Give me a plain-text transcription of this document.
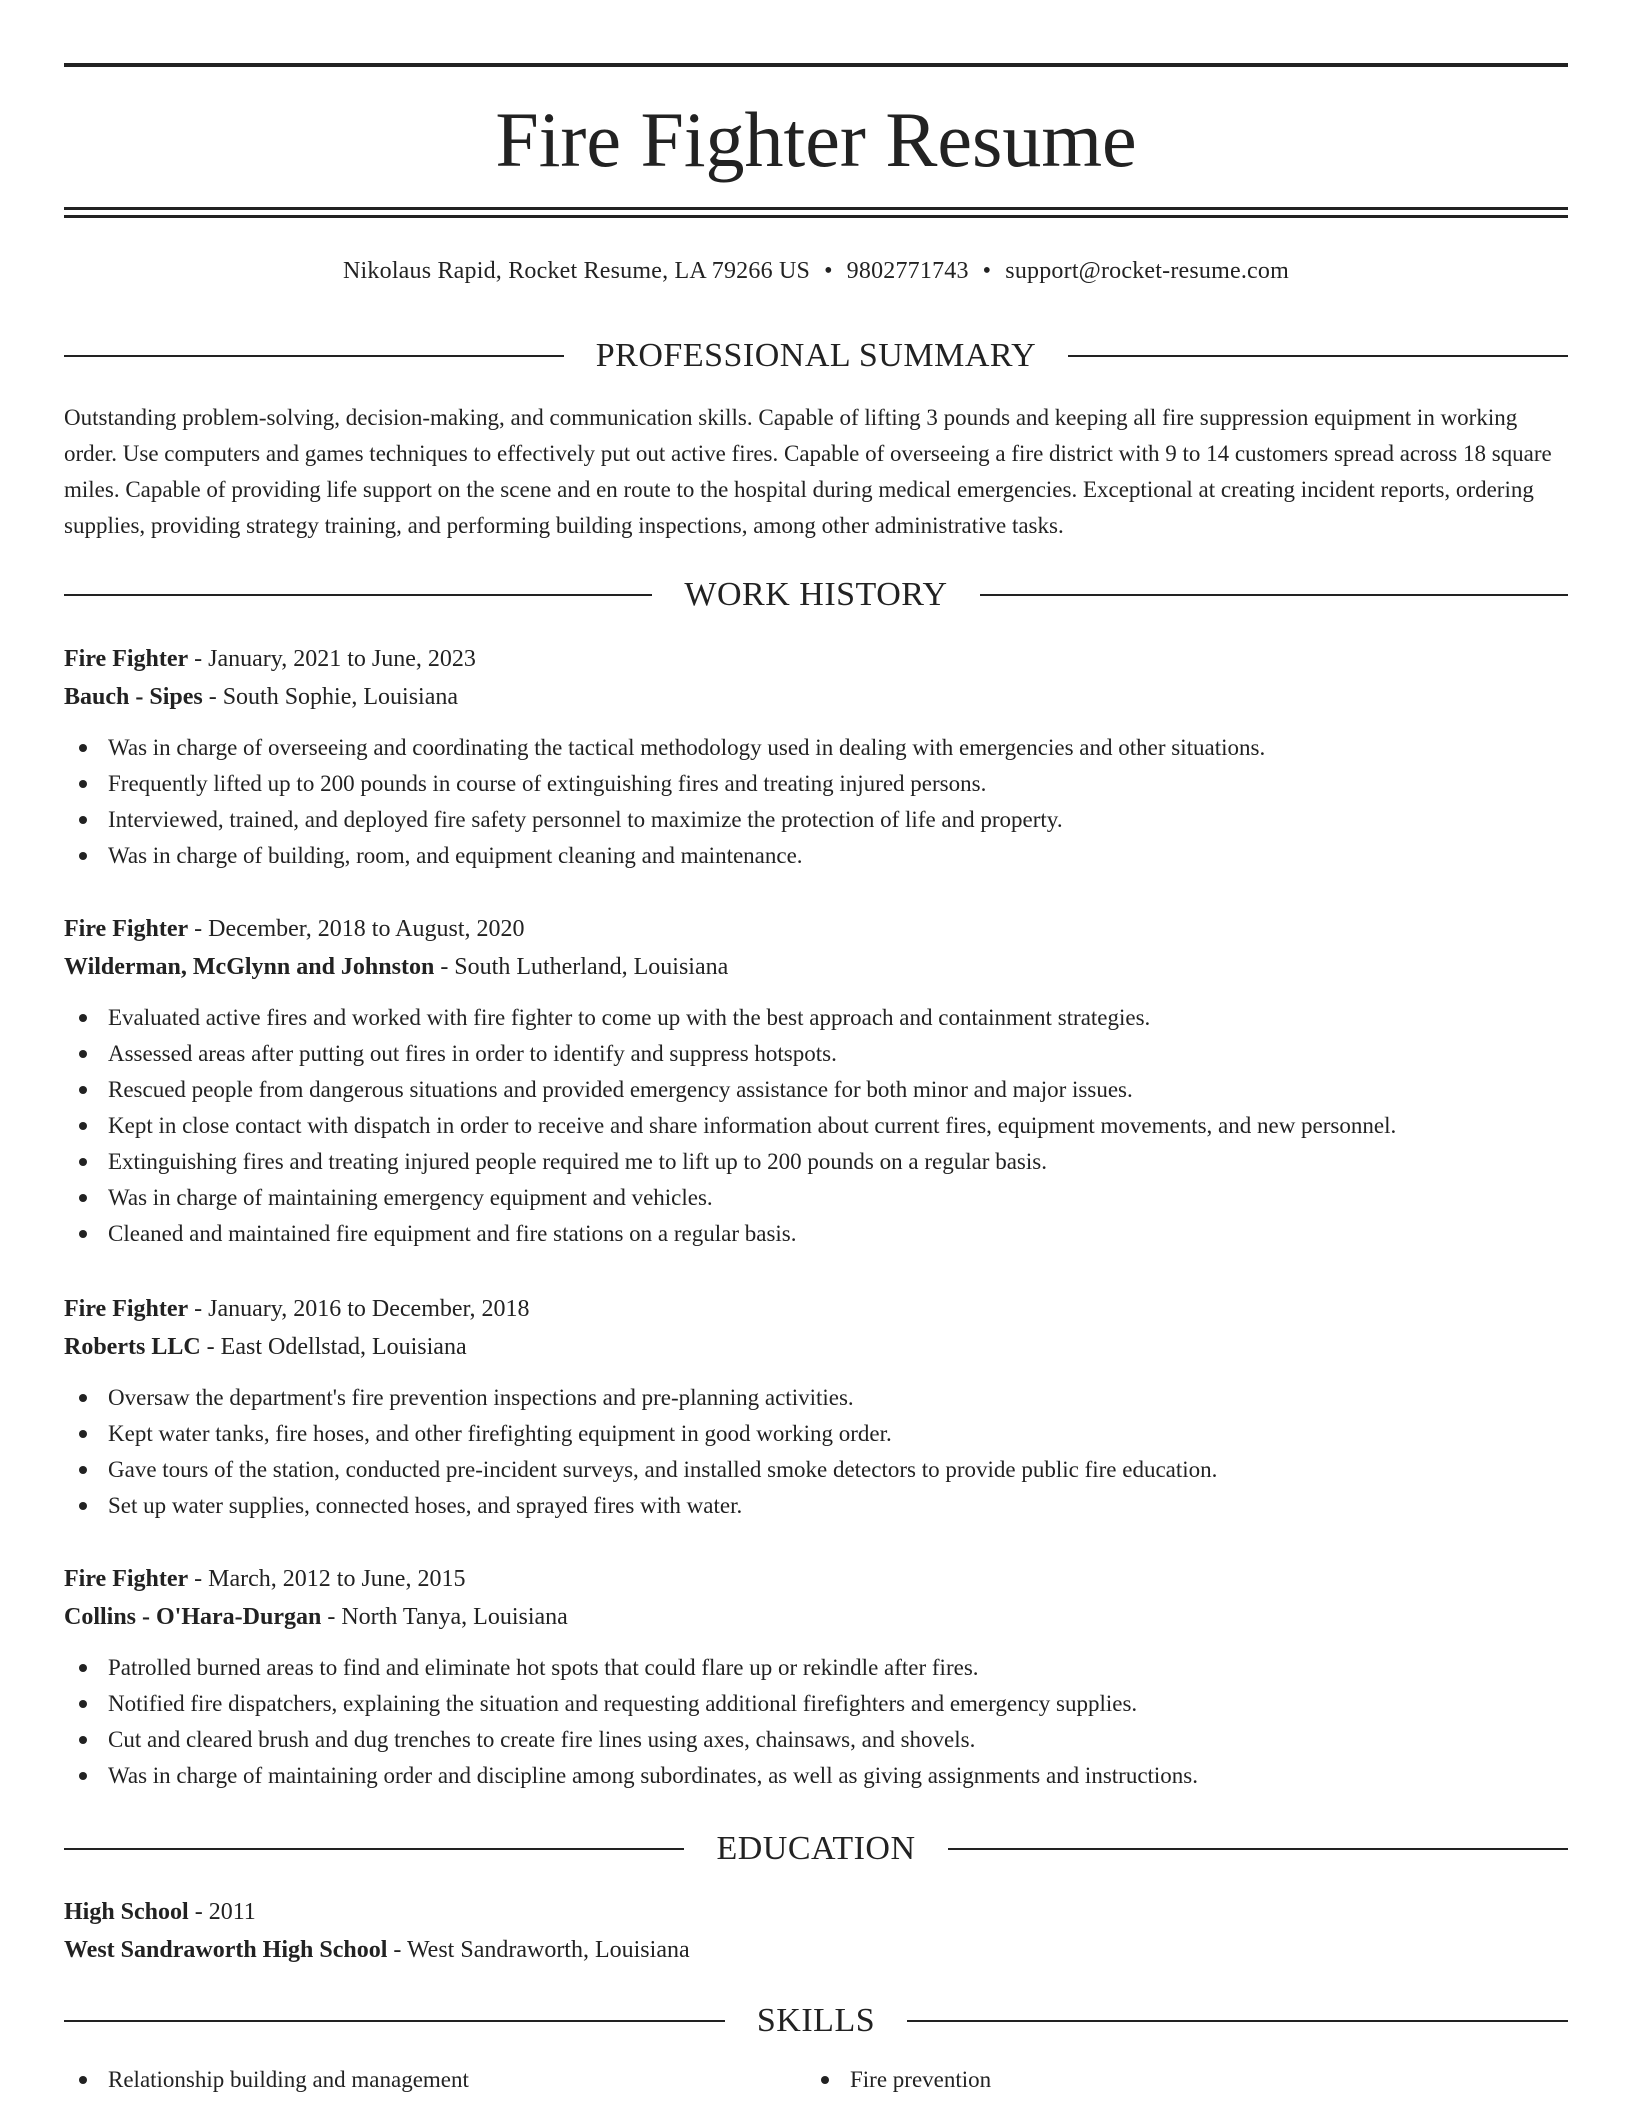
Fire Fighter Resume
Nikolaus Rapid, Rocket Resume, LA 79266 US • 9802771743 • support@rocket-resume.com
PROFESSIONAL SUMMARY

Outstanding problem-solving, decision-making, and communication skills. Capable of lifting 3 pounds and keeping all fire suppression equipment in working order. Use computers and games techniques to effectively put out active fires. Capable of overseeing a fire district with 9 to 14 customers spread across 18 square miles. Capable of providing life support on the scene and en route to the hospital during medical emergencies. Exceptional at creating incident reports, ordering supplies, providing strategy training, and performing building inspections, among other administrative tasks.

WORK HISTORY
Fire Fighter - January, 2021 to June, 2023
Bauch - Sipes - South Sophie, Louisiana
Was in charge of overseeing and coordinating the tactical methodology used in dealing with emergencies and other situations.
Frequently lifted up to 200 pounds in course of extinguishing fires and treating injured persons.
Interviewed, trained, and deployed fire safety personnel to maximize the protection of life and property.
Was in charge of building, room, and equipment cleaning and maintenance.
Fire Fighter - December, 2018 to August, 2020
Wilderman, McGlynn and Johnston - South Lutherland, Louisiana
Evaluated active fires and worked with fire fighter to come up with the best approach and containment strategies.
Assessed areas after putting out fires in order to identify and suppress hotspots.
Rescued people from dangerous situations and provided emergency assistance for both minor and major issues.
Kept in close contact with dispatch in order to receive and share information about current fires, equipment movements, and new personnel.
Extinguishing fires and treating injured people required me to lift up to 200 pounds on a regular basis.
Was in charge of maintaining emergency equipment and vehicles.
Cleaned and maintained fire equipment and fire stations on a regular basis.
Fire Fighter - January, 2016 to December, 2018
Roberts LLC - East Odellstad, Louisiana
Oversaw the department's fire prevention inspections and pre-planning activities.
Kept water tanks, fire hoses, and other firefighting equipment in good working order.
Gave tours of the station, conducted pre-incident surveys, and installed smoke detectors to provide public fire education.
Set up water supplies, connected hoses, and sprayed fires with water.
Fire Fighter - March, 2012 to June, 2015
Collins - O'Hara-Durgan - North Tanya, Louisiana
Patrolled burned areas to find and eliminate hot spots that could flare up or rekindle after fires.
Notified fire dispatchers, explaining the situation and requesting additional firefighters and emergency supplies.
Cut and cleared brush and dug trenches to create fire lines using axes, chainsaws, and shovels.
Was in charge of maintaining order and discipline among subordinates, as well as giving assignments and instructions.
EDUCATION
High School - 2011
West Sandraworth High School - West Sandraworth, Louisiana
SKILLS
Relationship building and management	Fire prevention
